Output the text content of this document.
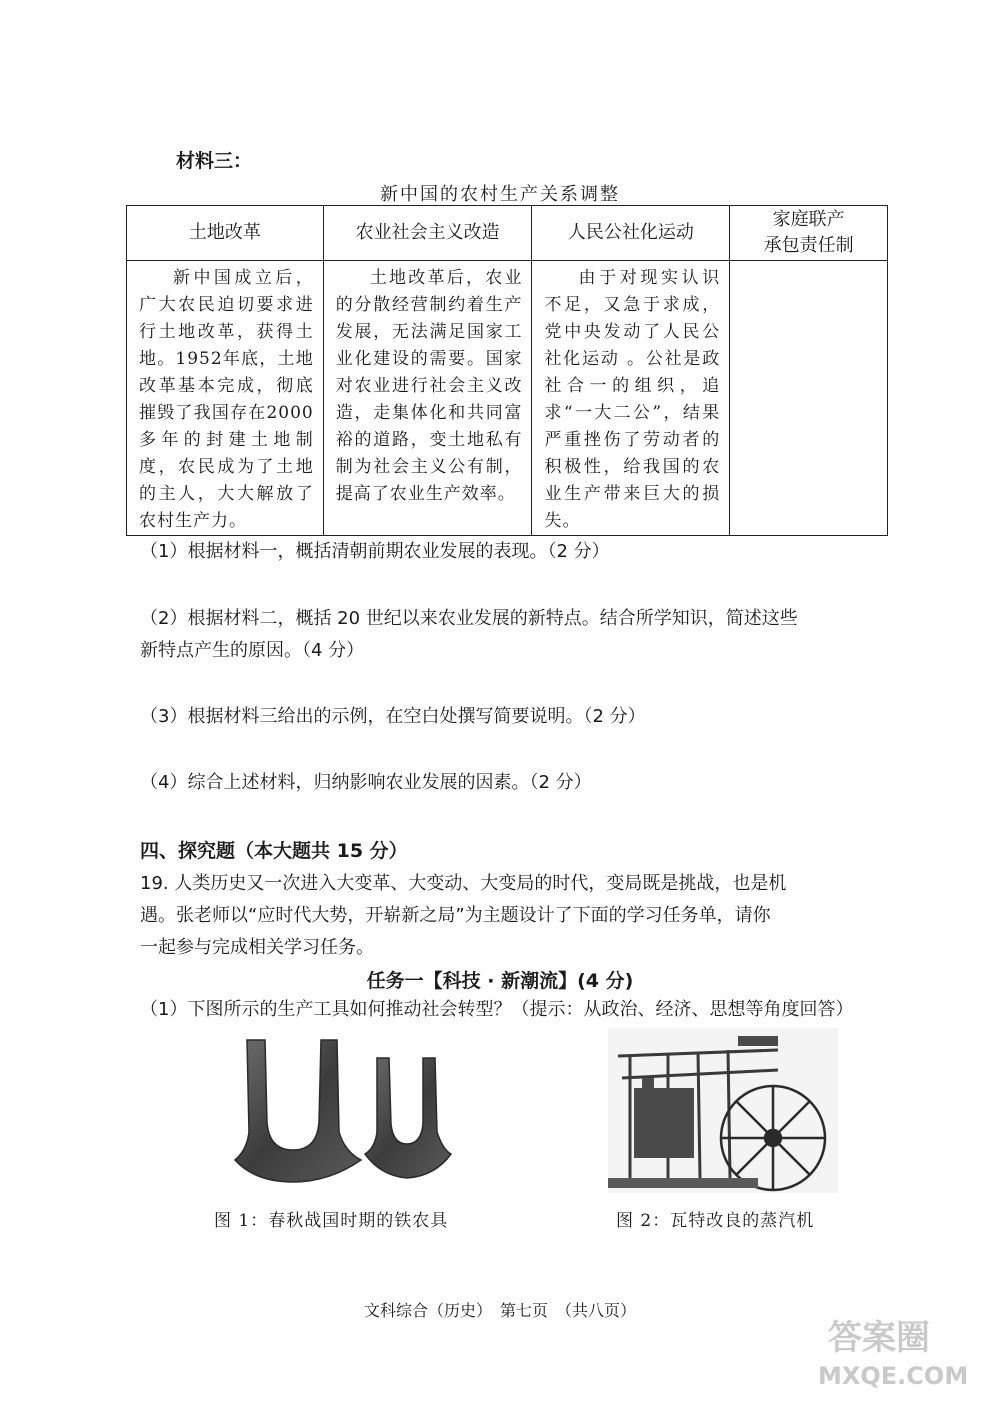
材料三：
新中国的农村生产关系调整
土地改革	农业社会主义改造	人民公社化运动	家庭联产
承包责任制

新中国成立后，广大农民迫切要求进行土地改革，获得土地。1952年底，土地改革基本完成，彻底摧毁了我国存在2000多年的封建土地制度，农民成为了土地的主人，大大解放了农村生产力。	土地改革后，农业的分散经营制约着生产发展，无法满足国家工业化建设的需要。国家对农业进行社会主义改造，走集体化和共同富裕的道路，变土地私有制为社会主义公有制，提高了农业生产效率。	由于对现实认识不足，又急于求成，党中央发动了人民公社化运动 。公社是政社合一的组织，追求“一大二公”，结果严重挫伤了劳动者的积极性，给我国的农业生产带来巨大的损失。	

（1）根据材料一，概括清朝前期农业发展的表现。（2 分）
（2）根据材料二，概括 20 世纪以来农业发展的新特点。结合所学知识，简述这些
新特点产生的原因。（4 分）
（3）根据材料三给出的示例，在空白处撰写简要说明。（2 分）
（4）综合上述材料，归纳影响农业发展的因素。（2 分）
四、探究题（本大题共 15 分）
19. 人类历史又一次进入大变革、大变动、大变局的时代，变局既是挑战，也是机
遇。张老师以“应时代大势，开崭新之局”为主题设计了下面的学习任务单，请你
一起参与完成相关学习任务。
任务一【科技 · 新潮流】(4 分)
（1）下图所示的生产工具如何推动社会转型？（提示：从政治、经济、思想等角度回答）
图 1：春秋战国时期的铁农具	图 2：瓦特改良的蒸汽机
文科综合（历史）　第七页　（共八页）
答案圈
MXQE.COM
